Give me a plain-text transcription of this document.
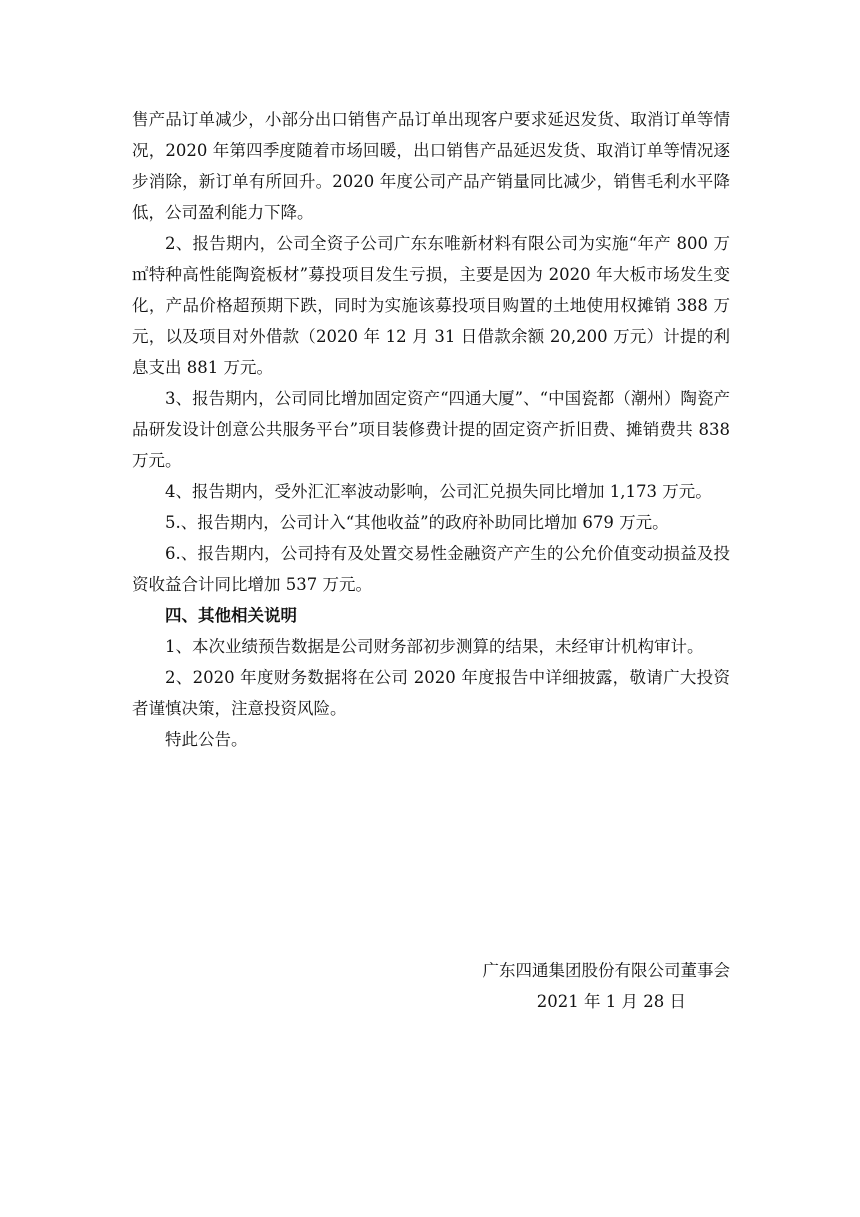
售产品订单减少，小部分出口销售产品订单出现客户要求延迟发货、取消订单等情况，2020 年第四季度随着市场回暖，出口销售产品延迟发货、取消订单等情况逐步消除，新订单有所回升。2020 年度公司产品产销量同比减少，销售毛利水平降低，公司盈利能力下降。

2、报告期内，公司全资子公司广东东唯新材料有限公司为实施“年产 800 万㎡特种高性能陶瓷板材”募投项目发生亏损，主要是因为 2020 年大板市场发生变化，产品价格超预期下跌，同时为实施该募投项目购置的土地使用权摊销 388 万元，以及项目对外借款（2020 年 12 月 31 日借款余额 20,200 万元）计提的利息支出 881 万元。

3、报告期内，公司同比增加固定资产“四通大厦”、“中国瓷都（潮州）陶瓷产品研发设计创意公共服务平台”项目装修费计提的固定资产折旧费、摊销费共 838 万元。

4、报告期内，受外汇汇率波动影响，公司汇兑损失同比增加 1,173 万元。

5.、报告期内，公司计入“其他收益”的政府补助同比增加 679 万元。

6.、报告期内，公司持有及处置交易性金融资产产生的公允价值变动损益及投资收益合计同比增加 537 万元。

四、其他相关说明

1、本次业绩预告数据是公司财务部初步测算的结果，未经审计机构审计。

2、2020 年度财务数据将在公司 2020 年度报告中详细披露，敬请广大投资者谨慎决策，注意投资风险。

特此公告。

广东四通集团股份有限公司董事会
2021 年 1 月 28 日
